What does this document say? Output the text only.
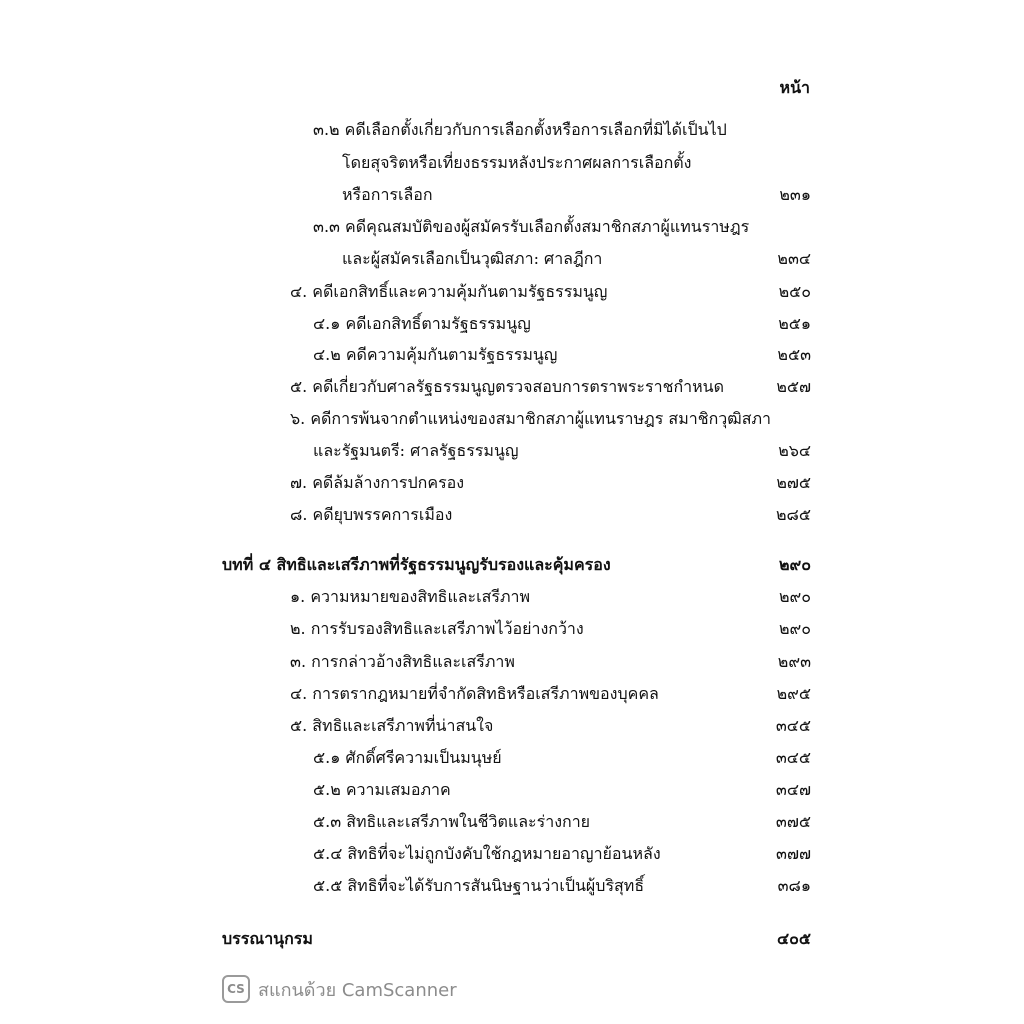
หน้า
๓.๒ คดีเลือกตั้งเกี่ยวกับการเลือกตั้งหรือการเลือกที่มิได้เป็นไป
โดยสุจริตหรือเที่ยงธรรมหลังประกาศผลการเลือกตั้ง
หรือการเลือก	๒๓๑
๓.๓ คดีคุณสมบัติของผู้สมัครรับเลือกตั้งสมาชิกสภาผู้แทนราษฎร
และผู้สมัครเลือกเป็นวุฒิสภา: ศาลฎีกา	๒๓๔
๔. คดีเอกสิทธิ์และความคุ้มกันตามรัฐธรรมนูญ	๒๕๐
๔.๑ คดีเอกสิทธิ์ตามรัฐธรรมนูญ	๒๕๑
๔.๒ คดีความคุ้มกันตามรัฐธรรมนูญ	๒๕๓
๕. คดีเกี่ยวกับศาลรัฐธรรมนูญตรวจสอบการตราพระราชกำหนด	๒๕๗
๖. คดีการพ้นจากตำแหน่งของสมาชิกสภาผู้แทนราษฎร สมาชิกวุฒิสภา
และรัฐมนตรี: ศาลรัฐธรรมนูญ	๒๖๔
๗. คดีล้มล้างการปกครอง	๒๗๕
๘. คดียุบพรรคการเมือง	๒๘๕
บทที่ ๔ สิทธิและเสรีภาพที่รัฐธรรมนูญรับรองและคุ้มครอง	๒๙๐
๑. ความหมายของสิทธิและเสรีภาพ	๒๙๐
๒. การรับรองสิทธิและเสรีภาพไว้อย่างกว้าง	๒๙๐
๓. การกล่าวอ้างสิทธิและเสรีภาพ	๒๙๓
๔. การตรากฎหมายที่จำกัดสิทธิหรือเสรีภาพของบุคคล	๒๙๕
๕. สิทธิและเสรีภาพที่น่าสนใจ	๓๔๕
๕.๑ ศักดิ์ศรีความเป็นมนุษย์	๓๔๕
๕.๒ ความเสมอภาค	๓๔๗
๕.๓ สิทธิและเสรีภาพในชีวิตและร่างกาย	๓๗๕
๕.๔ สิทธิที่จะไม่ถูกบังคับใช้กฎหมายอาญาย้อนหลัง	๓๗๗
๕.๕ สิทธิที่จะได้รับการสันนิษฐานว่าเป็นผู้บริสุทธิ์	๓๘๑
บรรณานุกรม	๔๐๕
CS สแกนด้วย CamScanner
